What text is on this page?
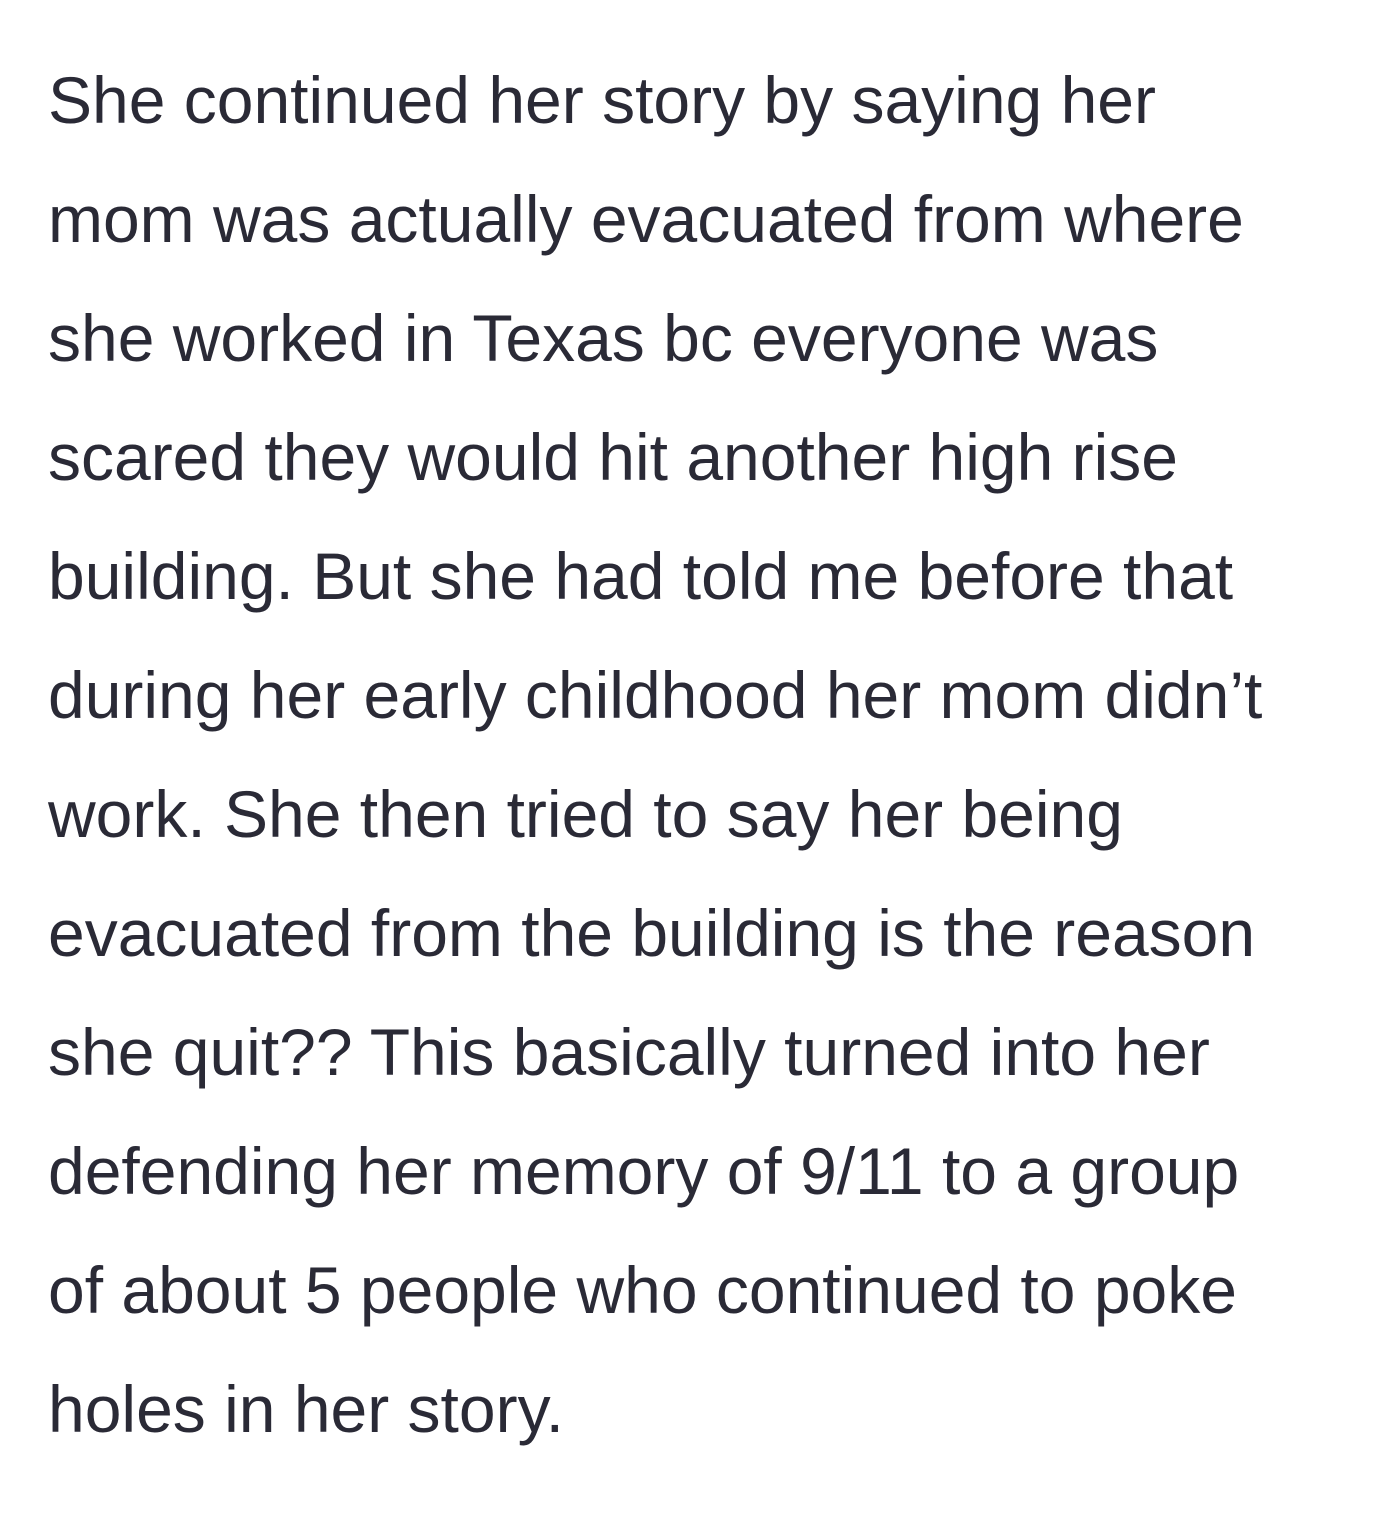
She continued her story by saying her
mom was actually evacuated from where
she worked in Texas bc everyone was
scared they would hit another high rise
building. But she had told me before that
during her early childhood her mom didn’t
work. She then tried to say her being
evacuated from the building is the reason
she quit?? This basically turned into her
defending her memory of 9/11 to a group
of about 5 people who continued to poke
holes in her story.
